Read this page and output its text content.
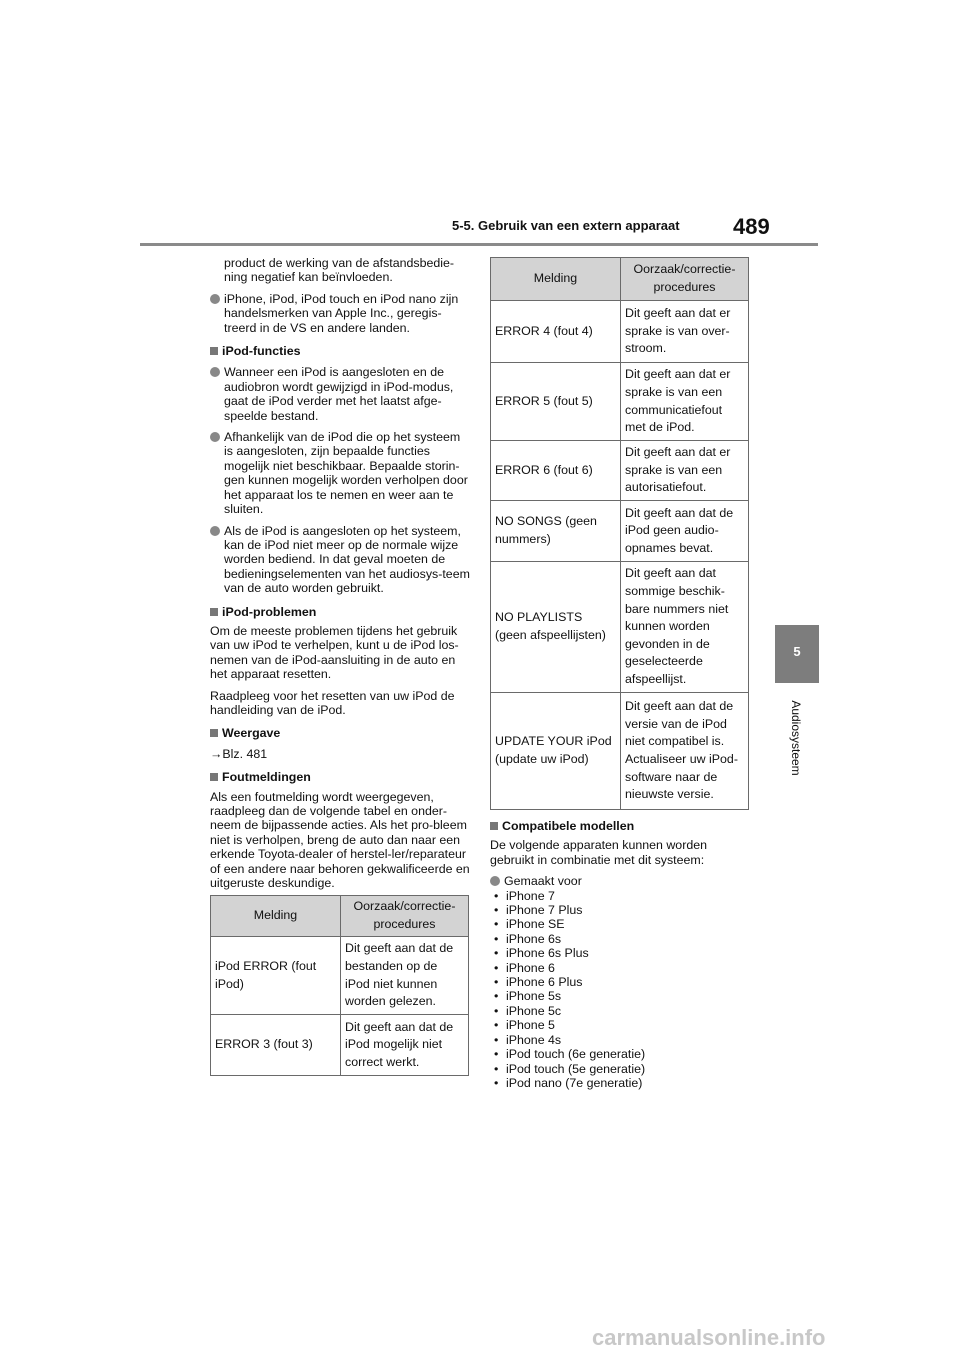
5-5. Gebruik van een extern apparaat 489
5
Audiosysteem

product de werking van de afstandsbedie-ning negatief kan beïnvloeden.

iPhone, iPod, iPod touch en iPod nano zijn handelsmerken van Apple Inc., geregis-treerd in de VS en andere landen.
iPod-functies
Wanneer een iPod is aangesloten en de audiobron wordt gewijzigd in iPod-modus, gaat de iPod verder met het laatst afge-speelde bestand.
Afhankelijk van de iPod die op het systeem is aangesloten, zijn bepaalde functies mogelijk niet beschikbaar. Bepaalde storin-gen kunnen mogelijk worden verholpen door het apparaat los te nemen en weer aan te sluiten.
Als de iPod is aangesloten op het systeem, kan de iPod niet meer op de normale wijze worden bediend. In dat geval moeten de bedieningselementen van het audiosys-teem van de auto worden gebruikt.
iPod-problemen

Om de meeste problemen tijdens het gebruik van uw iPod te verhelpen, kunt u de iPod los-nemen van de iPod-aansluiting in de auto en het apparaat resetten.

Raadpleeg voor het resetten van uw iPod de handleiding van de iPod.

Weergave

→Blz. 481

Foutmeldingen

Als een foutmelding wordt weergegeven, raadpleeg dan de volgende tabel en onder-neem de bijpassende acties. Als het pro-bleem niet is verholpen, breng de auto dan naar een erkende Toyota-dealer of herstel-ler/reparateur of een andere naar behoren gekwalificeerde en uitgeruste deskundige.

Melding	Oorzaak/correctie-procedures
iPod ERROR (fout iPod)	Dit geeft aan dat de bestanden op de iPod niet kunnen worden gelezen.
ERROR 3 (fout 3)	Dit geeft aan dat de iPod mogelijk niet correct werkt.
Melding	Oorzaak/correctie-procedures
ERROR 4 (fout 4)	Dit geeft aan dat er sprake is van over-stroom.
ERROR 5 (fout 5)	Dit geeft aan dat er sprake is van een communicatiefout met de iPod.
ERROR 6 (fout 6)	Dit geeft aan dat er sprake is van een autorisatiefout.
NO SONGS (geen nummers)	Dit geeft aan dat de iPod geen audio-opnames bevat.
NO PLAYLISTS (geen afspeellijsten)	Dit geeft aan dat sommige beschik-bare nummers niet kunnen worden gevonden in de geselecteerde afspeellijst.
UPDATE YOUR iPod (update uw iPod)	Dit geeft aan dat de versie van de iPod niet compatibel is. Actualiseer uw iPod-software naar de nieuwste versie.
Compatibele modellen

De volgende apparaten kunnen worden gebruikt in combinatie met dit systeem:

Gemaakt voor
• iPhone 7
• iPhone 7 Plus
• iPhone SE
• iPhone 6s
• iPhone 6s Plus
• iPhone 6
• iPhone 6 Plus
• iPhone 5s
• iPhone 5c
• iPhone 5
• iPhone 4s
• iPod touch (6e generatie)
• iPod touch (5e generatie)
• iPod nano (7e generatie)
carmanualsonline.info
